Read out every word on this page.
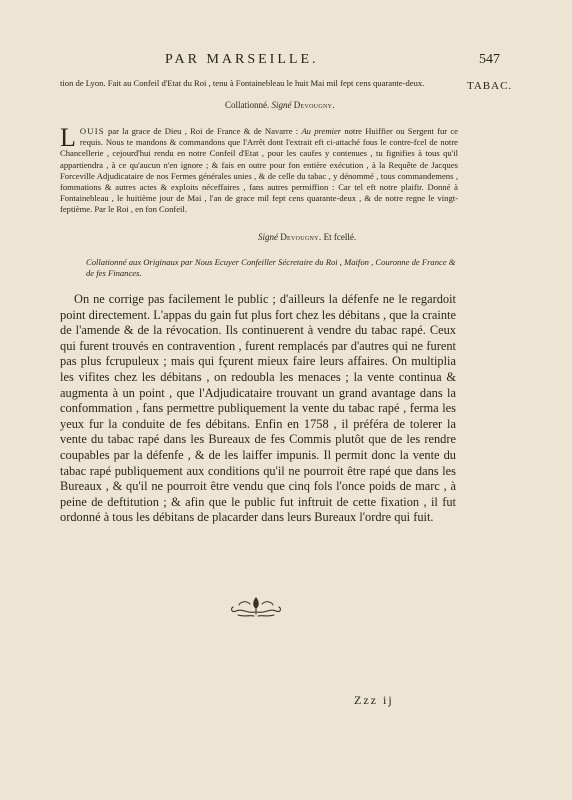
PAR MARSEILLE.	547
TABAC.
tion de Lyon. Fait au Confeil d'Etat du Roi , tenu à Fontainebleau le huit Mai mil fept cens quarante-deux.
Collationné. Signé Devougny.
LOUIS par la grace de Dieu , Roi de France & de Navarre : Au premier notre Huiffier ou Sergent fur ce requis. Nous te mandons & commandons que l'Arrêt dont l'extrait eft ci-attaché fous le contre-fcel de notre Chancellerie , cejourd'hui rendu en notre Confeil d'Etat , pour les caufes y contenues , tu fignifies à tous qu'il appartiendra , à ce qu'aucun n'en ignore ; & fais en outre pour fon entière exécution , à la Requête de Jacques Forceville Adjudicataire de nos Fermes générales unies , & de celle du tabac , y dénommé , tous commandemens , fommations & autres actes & exploits néceffaires , fans autres permiffion : Car tel eft notre plaifir. Donné à Fontainebleau , le huitième jour de Mai , l'an de grace mil fept cens quarante-deux , & de notre regne le vingt-feptième. Par le Roi , en fon Confeil.
Signé Devougny. Et fcellé.
Collationné aux Originaux par Nous Ecuyer Confeiller Sécretaire du Roi , Maifon , Couronne de France & de fes Finances.
On ne corrige pas facilement le public ; d'ailleurs la défenfe ne le regardoit point directement. L'appas du gain fut plus fort chez les débitans , que la crainte de l'amende & de la révocation. Ils continuerent à vendre du tabac rapé. Ceux qui furent trouvés en contravention , furent remplacés par d'autres qui ne furent pas plus fcrupuleux ; mais qui fçurent mieux faire leurs affaires. On multiplia les vifites chez les débitans , on redoubla les menaces ; la vente continua & augmenta à un point , que l'Adjudicataire trouvant un grand avantage dans la confommation , fans permettre publiquement la vente du tabac rapé , ferma les yeux fur la conduite de fes débitans. Enfin en 1758 , il préféra de tolerer la vente du tabac rapé dans les Bureaux de fes Commis plutôt que de les rendre coupables par la défenfe , & de les laiffer impunis. Il permit donc la vente du tabac rapé publiquement aux conditions qu'il ne pourroit être rapé que dans les Bureaux , & qu'il ne pourroit être vendu que cinq fols l'once poids de marc , à peine de deftitution ; & afin que le public fut inftruit de cette fixation , il fut ordonné à tous les débitans de placarder dans leurs Bureaux l'ordre qui fuit.
Zzz ij
